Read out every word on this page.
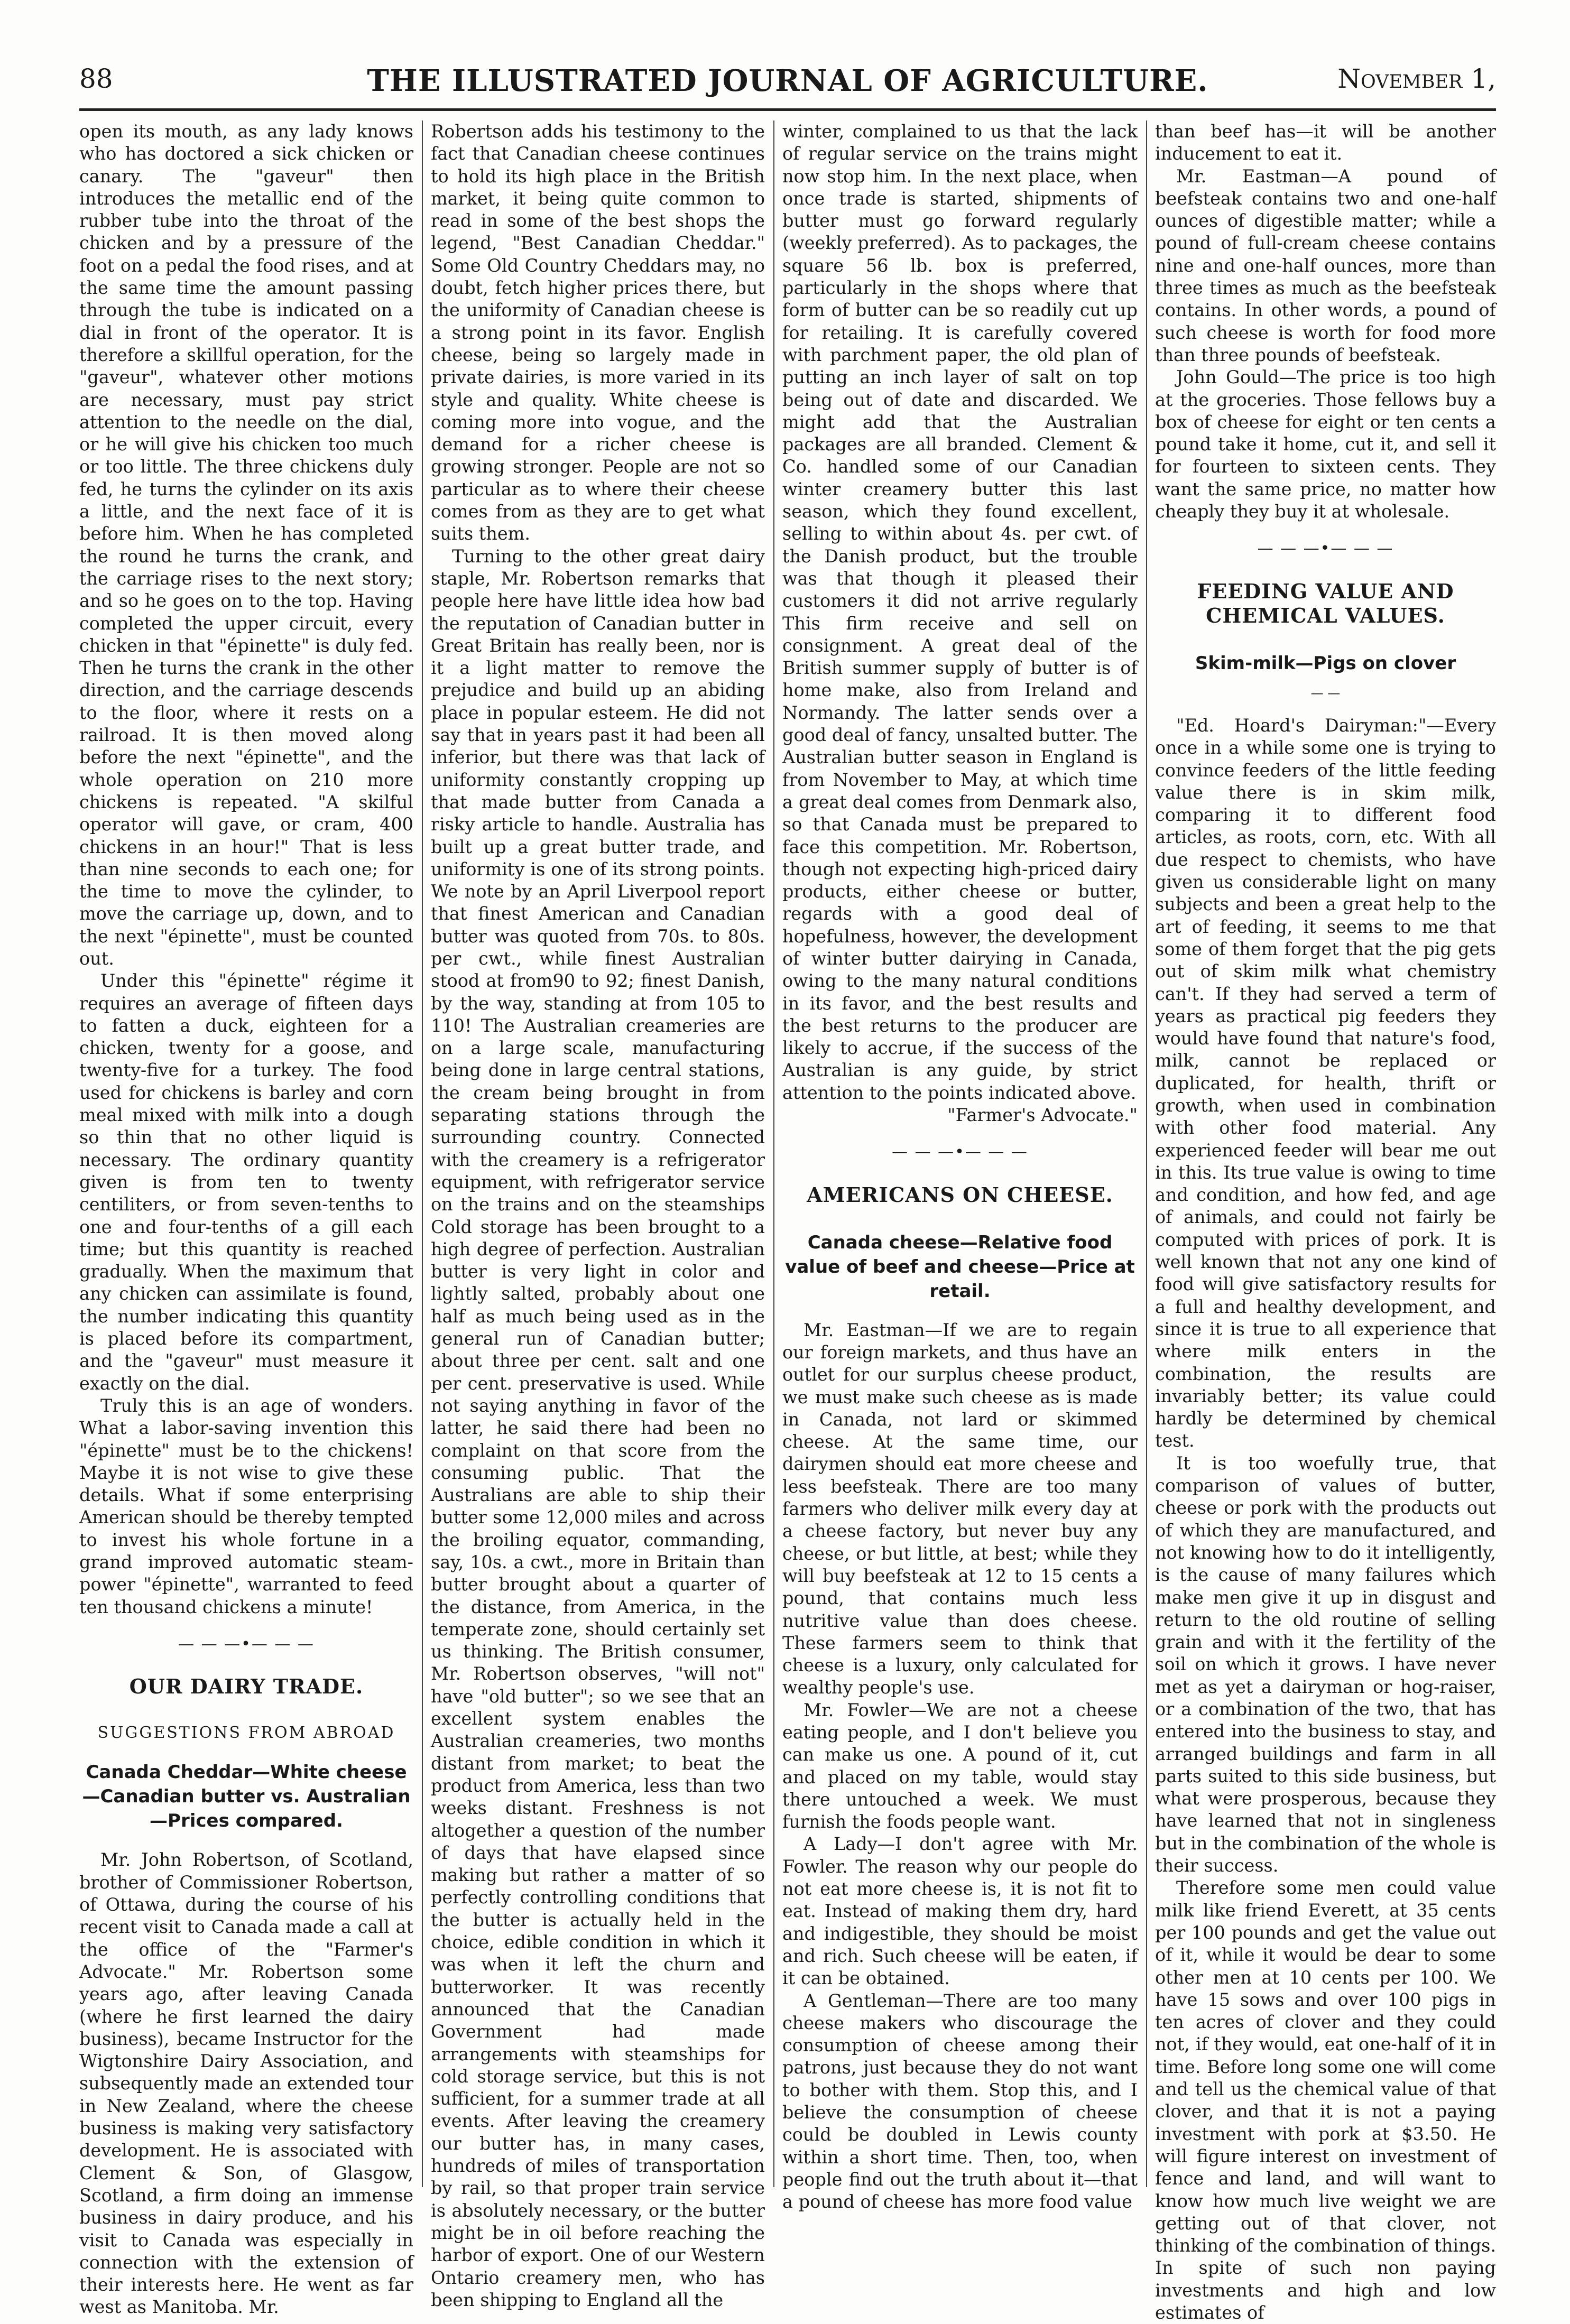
88	THE ILLUSTRATED JOURNAL OF AGRICULTURE.	November 1,

open its mouth, as any lady knows who has doctored a sick chicken or canary. The "gaveur" then introduces the metallic end of the rubber tube into the throat of the chicken and by a pressure of the foot on a pedal the food rises, and at the same time the amount passing through the tube is indicated on a dial in front of the operator. It is therefore a skillful operation, for the "gaveur", whatever other motions are necessary, must pay strict attention to the needle on the dial, or he will give his chicken too much or too little. The three chickens duly fed, he turns the cylinder on its axis a little, and the next face of it is before him. When he has completed the round he turns the crank, and the carriage rises to the next story; and so he goes on to the top. Having completed the upper circuit, every chicken in that "épinette" is duly fed. Then he turns the crank in the other direction, and the carriage descends to the floor, where it rests on a railroad. It is then moved along before the next "épinette", and the whole operation on 210 more chickens is repeated. "A skilful operator will gave, or cram, 400 chickens in an hour!" That is less than nine seconds to each one; for the time to move the cylinder, to move the carriage up, down, and to the next "épinette", must be counted out.

Under this "épinette" régime it requires an average of fifteen days to fatten a duck, eighteen for a chicken, twenty for a goose, and twenty-five for a turkey. The food used for chickens is barley and corn meal mixed with milk into a dough so thin that no other liquid is necessary. The ordinary quantity given is from ten to twenty centiliters, or from seven-tenths to one and four-tenths of a gill each time; but this quantity is reached gradually. When the maximum that any chicken can assimilate is found, the number indicating this quantity is placed before its compartment, and the "gaveur" must measure it exactly on the dial.

Truly this is an age of wonders. What a labor-saving invention this "épinette" must be to the chickens! Maybe it is not wise to give these details. What if some enterprising American should be thereby tempted to invest his whole fortune in a grand improved automatic steam-power "épinette", warranted to feed ten thousand chickens a minute!

— — —•— — —
OUR DAIRY TRADE.
SUGGESTIONS FROM ABROAD
Canada Cheddar—White cheese—Canadian butter vs. Australian—Prices compared.

Mr. John Robertson, of Scotland, brother of Commissioner Robertson, of Ottawa, during the course of his recent visit to Canada made a call at the office of the "Farmer's Advocate." Mr. Robertson some years ago, after leaving Canada (where he first learned the dairy business), became Instructor for the Wigtonshire Dairy Association, and subsequently made an extended tour in New Zealand, where the cheese business is making very satisfactory development. He is associated with Clement & Son, of Glasgow, Scotland, a firm doing an immense business in dairy produce, and his visit to Canada was especially in connection with the extension of their interests here. He went as far west as Manitoba. Mr.

Robertson adds his testimony to the fact that Canadian cheese continues to hold its high place in the British market, it being quite common to read in some of the best shops the legend, "Best Canadian Cheddar." Some Old Country Cheddars may, no doubt, fetch higher prices there, but the uniformity of Canadian cheese is a strong point in its favor. English cheese, being so largely made in private dairies, is more varied in its style and quality. White cheese is coming more into vogue, and the demand for a richer cheese is growing stronger. People are not so particular as to where their cheese comes from as they are to get what suits them.

Turning to the other great dairy staple, Mr. Robertson remarks that people here have little idea how bad the reputation of Canadian butter in Great Britain has really been, nor is it a light matter to remove the prejudice and build up an abiding place in popular esteem. He did not say that in years past it had been all inferior, but there was that lack of uniformity constantly cropping up that made butter from Canada a risky article to handle. Australia has built up a great butter trade, and uniformity is one of its strong points. We note by an April Liverpool report that finest American and Canadian butter was quoted from 70s. to 80s. per cwt., while finest Australian stood at from90 to 92; finest Danish, by the way, standing at from 105 to 110! The Australian creameries are on a large scale, manufacturing being done in large central stations, the cream being brought in from separating stations through the surrounding country. Connected with the creamery is a refrigerator equipment, with refrigerator service on the trains and on the steamships Cold storage has been brought to a high degree of perfection. Australian butter is very light in color and lightly salted, probably about one half as much being used as in the general run of Canadian butter; about three per cent. salt and one per cent. preservative is used. While not saying anything in favor of the latter, he said there had been no complaint on that score from the consuming public. That the Australians are able to ship their butter some 12,000 miles and across the broiling equator, commanding, say, 10s. a cwt., more in Britain than butter brought about a quarter of the distance, from America, in the temperate zone, should certainly set us thinking. The British consumer, Mr. Robertson observes, "will not" have "old butter"; so we see that an excellent system enables the Australian creameries, two months distant from market; to beat the product from America, less than two weeks distant. Freshness is not altogether a question of the number of days that have elapsed since making but rather a matter of so perfectly controlling conditions that the butter is actually held in the choice, edible condition in which it was when it left the churn and butterworker. It was recently announced that the Canadian Government had made arrangements with steamships for cold storage service, but this is not sufficient, for a summer trade at all events. After leaving the creamery our butter has, in many cases, hundreds of miles of transportation by rail, so that proper train service is absolutely necessary, or the butter might be in oil before reaching the harbor of export. One of our Western Ontario creamery men, who has been shipping to England all the

winter, complained to us that the lack of regular service on the trains might now stop him. In the next place, when once trade is started, shipments of butter must go forward regularly (weekly preferred). As to packages, the square 56 lb. box is preferred, particularly in the shops where that form of butter can be so readily cut up for retailing. It is carefully covered with parchment paper, the old plan of putting an inch layer of salt on top being out of date and discarded. We might add that the Australian packages are all branded. Clement & Co. handled some of our Canadian winter creamery butter this last season, which they found excellent, selling to within about 4s. per cwt. of the Danish product, but the trouble was that though it pleased their customers it did not arrive regularly This firm receive and sell on consignment. A great deal of the British summer supply of butter is of home make, also from Ireland and Normandy. The latter sends over a good deal of fancy, unsalted butter. The Australian butter season in England is from November to May, at which time a great deal comes from Denmark also, so that Canada must be prepared to face this competition. Mr. Robertson, though not expecting high-priced dairy products, either cheese or butter, regards with a good deal of hopefulness, however, the development of winter butter dairying in Canada, owing to the many natural conditions in its favor, and the best results and the best returns to the producer are likely to accrue, if the success of the Australian is any guide, by strict attention to the points indicated above.

"Farmer's Advocate."
— — —•— — —
AMERICANS ON CHEESE.
Canada cheese—Relative food value of beef and cheese—Price at retail.

Mr. Eastman—If we are to regain our foreign markets, and thus have an outlet for our surplus cheese product, we must make such cheese as is made in Canada, not lard or skimmed cheese. At the same time, our dairymen should eat more cheese and less beefsteak. There are too many farmers who deliver milk every day at a cheese factory, but never buy any cheese, or but little, at best; while they will buy beefsteak at 12 to 15 cents a pound, that contains much less nutritive value than does cheese. These farmers seem to think that cheese is a luxury, only calculated for wealthy people's use.

Mr. Fowler—We are not a cheese eating people, and I don't believe you can make us one. A pound of it, cut and placed on my table, would stay there untouched a week. We must furnish the foods people want.

A Lady—I don't agree with Mr. Fowler. The reason why our people do not eat more cheese is, it is not fit to eat. Instead of making them dry, hard and indigestible, they should be moist and rich. Such cheese will be eaten, if it can be obtained.

A Gentleman—There are too many cheese makers who discourage the consumption of cheese among their patrons, just because they do not want to bother with them. Stop this, and I believe the consumption of cheese could be doubled in Lewis county within a short time. Then, too, when people find out the truth about it—that a pound of cheese has more food value

than beef has—it will be another inducement to eat it.

Mr. Eastman—A pound of beefsteak contains two and one-half ounces of digestible matter; while a pound of full-cream cheese contains nine and one-half ounces, more than three times as much as the beefsteak contains. In other words, a pound of such cheese is worth for food more than three pounds of beefsteak.

John Gould—The price is too high at the groceries. Those fellows buy a box of cheese for eight or ten cents a pound take it home, cut it, and sell it for fourteen to sixteen cents. They want the same price, no matter how cheaply they buy it at wholesale.

— — —•— — —
FEEDING VALUE AND CHEMICAL VALUES.
Skim-milk—Pigs on clover
— —

"Ed. Hoard's Dairyman:"—Every once in a while some one is trying to convince feeders of the little feeding value there is in skim milk, comparing it to different food articles, as roots, corn, etc. With all due respect to chemists, who have given us considerable light on many subjects and been a great help to the art of feeding, it seems to me that some of them forget that the pig gets out of skim milk what chemistry can't. If they had served a term of years as practical pig feeders they would have found that nature's food, milk, cannot be replaced or duplicated, for health, thrift or growth, when used in combination with other food material. Any experienced feeder will bear me out in this. Its true value is owing to time and condition, and how fed, and age of animals, and could not fairly be computed with prices of pork. It is well known that not any one kind of food will give satisfactory results for a full and healthy development, and since it is true to all experience that where milk enters in the combination, the results are invariably better; its value could hardly be determined by chemical test.

It is too woefully true, that comparison of values of butter, cheese or pork with the products out of which they are manufactured, and not knowing how to do it intelligently, is the cause of many failures which make men give it up in disgust and return to the old routine of selling grain and with it the fertility of the soil on which it grows. I have never met as yet a dairyman or hog-raiser, or a combination of the two, that has entered into the business to stay, and arranged buildings and farm in all parts suited to this side business, but what were prosperous, because they have learned that not in singleness but in the combination of the whole is their success.

Therefore some men could value milk like friend Everett, at 35 cents per 100 pounds and get the value out of it, while it would be dear to some other men at 10 cents per 100. We have 15 sows and over 100 pigs in ten acres of clover and they could not, if they would, eat one-half of it in time. Before long some one will come and tell us the chemical value of that clover, and that it is not a paying investment with pork at $3.50. He will figure interest on investment of fence and land, and will want to know how much live weight we are getting out of that clover, not thinking of the combination of things. In spite of such non paying investments and high and low estimates of
